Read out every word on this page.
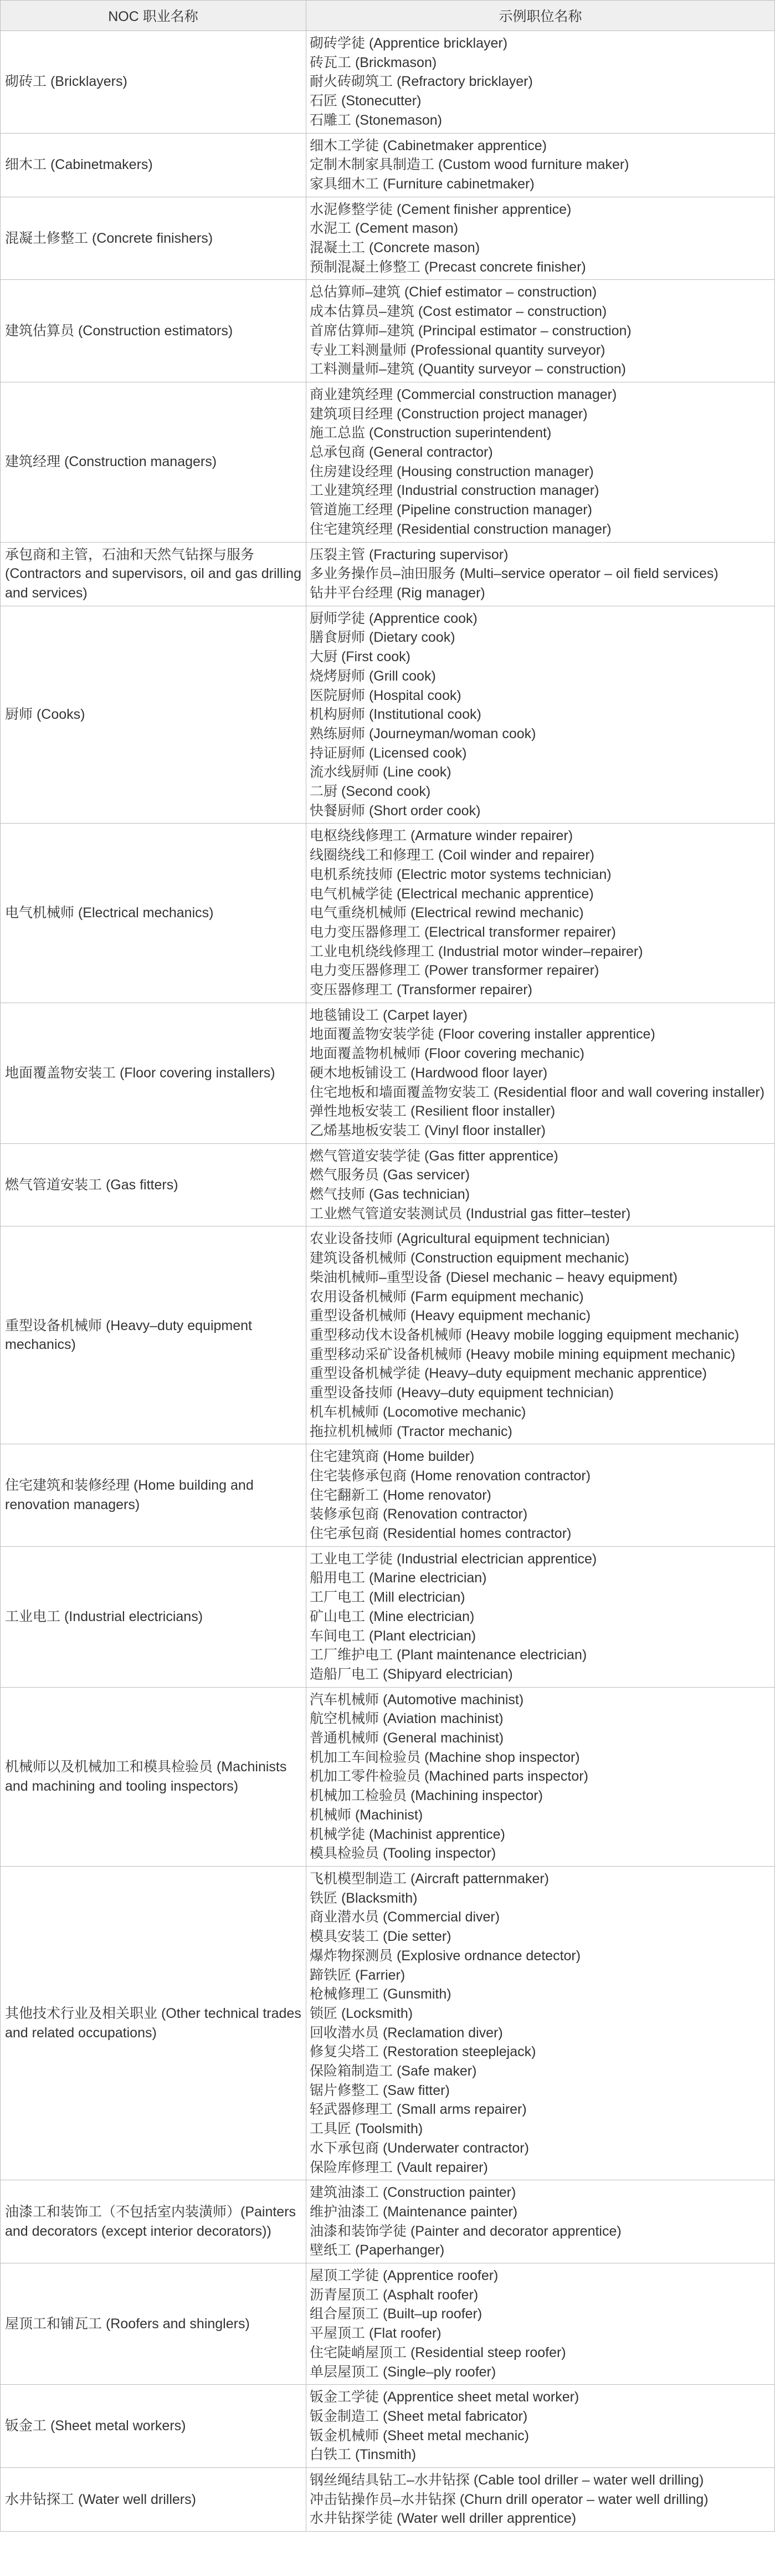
NOC 职业名称	示例职位名称
砌砖工 (Bricklayers)
砌砖学徒 (Apprentice bricklayer)
砖瓦工 (Brickmason)
耐火砖砌筑工 (Refractory bricklayer)
石匠 (Stonecutter)
石雕工 (Stonemason)
细木工 (Cabinetmakers)
细木工学徒 (Cabinetmaker apprentice)
定制木制家具制造工 (Custom wood furniture maker)
家具细木工 (Furniture cabinetmaker)
混凝土修整工 (Concrete finishers)
水泥修整学徒 (Cement finisher apprentice)
水泥工 (Cement mason)
混凝土工 (Concrete mason)
预制混凝土修整工 (Precast concrete finisher)
建筑估算员 (Construction estimators)
总估算师–建筑 (Chief estimator – construction)
成本估算员–建筑 (Cost estimator – construction)
首席估算师–建筑 (Principal estimator – construction)
专业工料测量师 (Professional quantity surveyor)
工料测量师–建筑 (Quantity surveyor – construction)
建筑经理 (Construction managers)
商业建筑经理 (Commercial construction manager)
建筑项目经理 (Construction project manager)
施工总监 (Construction superintendent)
总承包商 (General contractor)
住房建设经理 (Housing construction manager)
工业建筑经理 (Industrial construction manager)
管道施工经理 (Pipeline construction manager)
住宅建筑经理 (Residential construction manager)
承包商和主管，石油和天然气钻探与服务 (Contractors and supervisors, oil and gas drilling and services)
压裂主管 (Fracturing supervisor)
多业务操作员–油田服务 (Multi–service operator – oil field services)
钻井平台经理 (Rig manager)
厨师 (Cooks)
厨师学徒 (Apprentice cook)
膳食厨师 (Dietary cook)
大厨 (First cook)
烧烤厨师 (Grill cook)
医院厨师 (Hospital cook)
机构厨师 (Institutional cook)
熟练厨师 (Journeyman/woman cook)
持证厨师 (Licensed cook)
流水线厨师 (Line cook)
二厨 (Second cook)
快餐厨师 (Short order cook)
电气机械师 (Electrical mechanics)
电枢绕线修理工 (Armature winder repairer)
线圈绕线工和修理工 (Coil winder and repairer)
电机系统技师 (Electric motor systems technician)
电气机械学徒 (Electrical mechanic apprentice)
电气重绕机械师 (Electrical rewind mechanic)
电力变压器修理工 (Electrical transformer repairer)
工业电机绕线修理工 (Industrial motor winder–repairer)
电力变压器修理工 (Power transformer repairer)
变压器修理工 (Transformer repairer)
地面覆盖物安装工 (Floor covering installers)
地毯铺设工 (Carpet layer)
地面覆盖物安装学徒 (Floor covering installer apprentice)
地面覆盖物机械师 (Floor covering mechanic)
硬木地板铺设工 (Hardwood floor layer)
住宅地板和墙面覆盖物安装工 (Residential floor and wall covering installer)
弹性地板安装工 (Resilient floor installer)
乙烯基地板安装工 (Vinyl floor installer)
燃气管道安装工 (Gas fitters)
燃气管道安装学徒 (Gas fitter apprentice)
燃气服务员 (Gas servicer)
燃气技师 (Gas technician)
工业燃气管道安装测试员 (Industrial gas fitter–tester)
重型设备机械师 (Heavy–duty equipment mechanics)
农业设备技师 (Agricultural equipment technician)
建筑设备机械师 (Construction equipment mechanic)
柴油机械师–重型设备 (Diesel mechanic – heavy equipment)
农用设备机械师 (Farm equipment mechanic)
重型设备机械师 (Heavy equipment mechanic)
重型移动伐木设备机械师 (Heavy mobile logging equipment mechanic)
重型移动采矿设备机械师 (Heavy mobile mining equipment mechanic)
重型设备机械学徒 (Heavy–duty equipment mechanic apprentice)
重型设备技师 (Heavy–duty equipment technician)
机车机械师 (Locomotive mechanic)
拖拉机机械师 (Tractor mechanic)
住宅建筑和装修经理 (Home building and renovation managers)
住宅建筑商 (Home builder)
住宅装修承包商 (Home renovation contractor)
住宅翻新工 (Home renovator)
装修承包商 (Renovation contractor)
住宅承包商 (Residential homes contractor)
工业电工 (Industrial electricians)
工业电工学徒 (Industrial electrician apprentice)
船用电工 (Marine electrician)
工厂电工 (Mill electrician)
矿山电工 (Mine electrician)
车间电工 (Plant electrician)
工厂维护电工 (Plant maintenance electrician)
造船厂电工 (Shipyard electrician)
机械师以及机械加工和模具检验员 (Machinists and machining and tooling inspectors)
汽车机械师 (Automotive machinist)
航空机械师 (Aviation machinist)
普通机械师 (General machinist)
机加工车间检验员 (Machine shop inspector)
机加工零件检验员 (Machined parts inspector)
机械加工检验员 (Machining inspector)
机械师 (Machinist)
机械学徒 (Machinist apprentice)
模具检验员 (Tooling inspector)
其他技术行业及相关职业 (Other technical trades and related occupations)
飞机模型制造工 (Aircraft patternmaker)
铁匠 (Blacksmith)
商业潜水员 (Commercial diver)
模具安装工 (Die setter)
爆炸物探测员 (Explosive ordnance detector)
蹄铁匠 (Farrier)
枪械修理工 (Gunsmith)
锁匠 (Locksmith)
回收潜水员 (Reclamation diver)
修复尖塔工 (Restoration steeplejack)
保险箱制造工 (Safe maker)
锯片修整工 (Saw fitter)
轻武器修理工 (Small arms repairer)
工具匠 (Toolsmith)
水下承包商 (Underwater contractor)
保险库修理工 (Vault repairer)
油漆工和装饰工（不包括室内装潢师）(Painters and decorators (except interior decorators))
建筑油漆工 (Construction painter)
维护油漆工 (Maintenance painter)
油漆和装饰学徒 (Painter and decorator apprentice)
壁纸工 (Paperhanger)
屋顶工和铺瓦工 (Roofers and shinglers)
屋顶工学徒 (Apprentice roofer)
沥青屋顶工 (Asphalt roofer)
组合屋顶工 (Built–up roofer)
平屋顶工 (Flat roofer)
住宅陡峭屋顶工 (Residential steep roofer)
单层屋顶工 (Single–ply roofer)
钣金工 (Sheet metal workers)
钣金工学徒 (Apprentice sheet metal worker)
钣金制造工 (Sheet metal fabricator)
钣金机械师 (Sheet metal mechanic)
白铁工 (Tinsmith)
水井钻探工 (Water well drillers)
钢丝绳结具钻工–水井钻探 (Cable tool driller – water well drilling)
冲击钻操作员–水井钻探 (Churn drill operator – water well drilling)
水井钻探学徒 (Water well driller apprentice)
